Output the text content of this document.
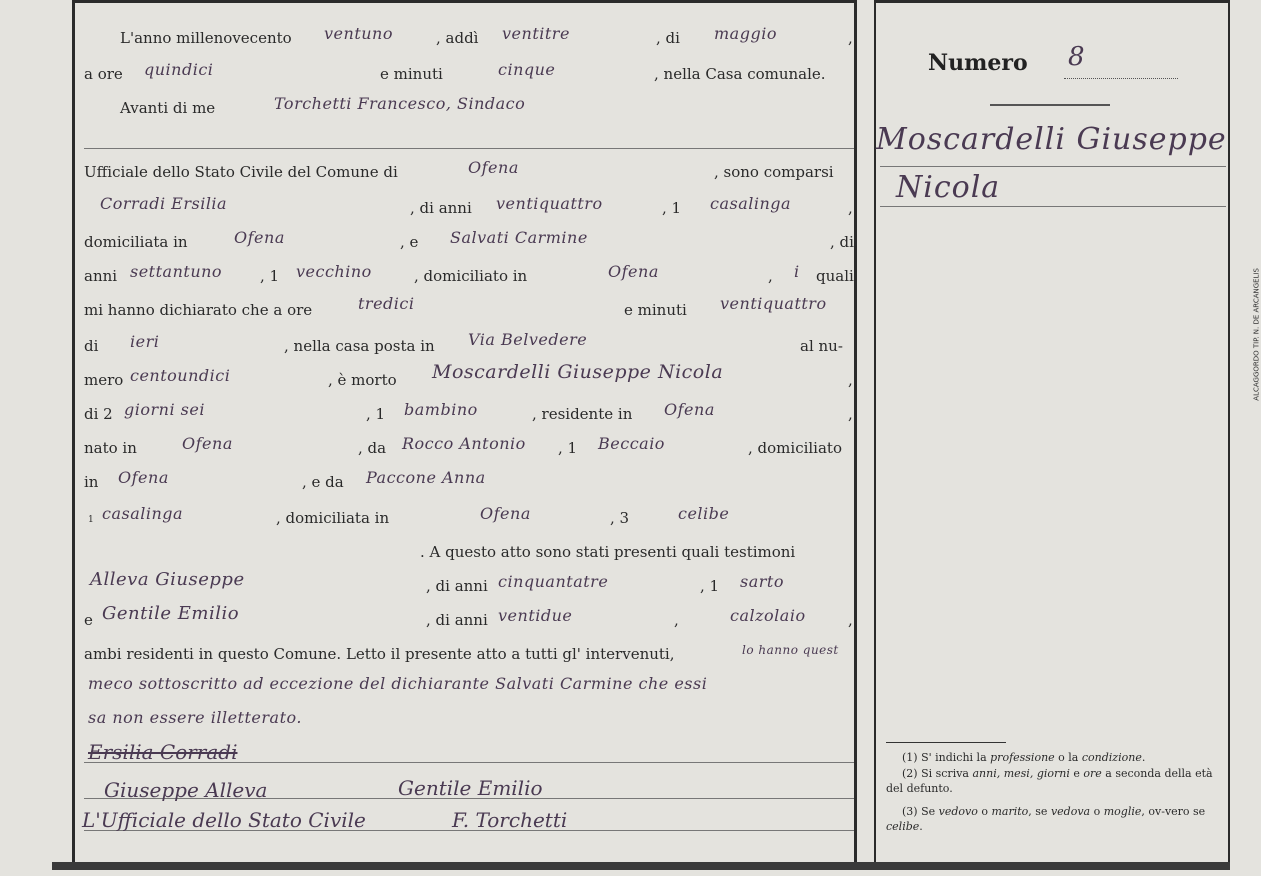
L'anno millenovecento ventuno	, addì ventitre	, di maggio	,
a ore quindici	e minuti	cinque	, nella Casa comunale.
Avanti di me	Torchetti Francesco, Sindaco
Ufficiale dello Stato Civile del Comune di	Ofena	, sono comparsi
Corradi Ersilia	, di anni ventiquattro	, 1 casalinga	,
domiciliata in	Ofena	, e Salvati Carmine	, di
anni settantuno	, 1 vecchino	, domiciliato in	Ofena	, i quali
mi hanno dichiarato che a ore	tredici	e minuti ventiquattro
di ieri	, nella casa posta in Via Belvedere	al nu-
mero centoundici	, è morto Moscardelli Giuseppe Nicola	,
di 2 giorni sei	, 1 bambino	, residente in Ofena	,
nato in	Ofena	, da Rocco Antonio , 1 Beccaio	, domiciliato
in Ofena	, e da Paccone Anna
1 casalinga	, domiciliata in	Ofena	, 3	celibe
. A questo atto sono stati presenti quali testimoni
Alleva Giuseppe	, di anni cinquantatre	, 1 sarto
e Gentile Emilio	, di anni ventidue	,	calzolaio	,
ambi residenti in questo Comune. Letto il presente atto a tutti gl' intervenuti,	lo hanno quest
meco sottoscritto ad eccezione del dichiarante Salvati Carmine che essi
sa non essere illetterato.
Ersilia Corradi
Giuseppe Alleva	Gentile Emilio
L'Ufficiale dello Stato Civile	F. Torchetti
Numero 8
Moscardelli Giuseppe
Nicola
(1) S' indichi la professione o la condizione.
(2) Si scriva anni, mesi, giorni e ore a seconda della età del defunto.
(3) Se vedovo o marito, se vedova o moglie, ov-vero se celibe.
ALCAGGORDO TIP. N. DE ARCANGELIS
